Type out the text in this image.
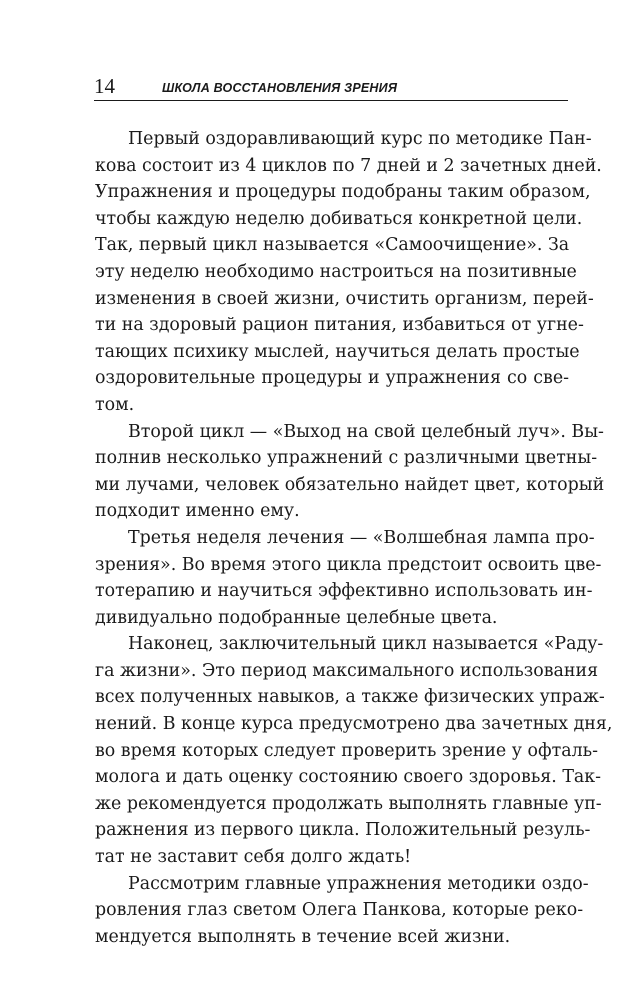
14	ШКОЛА ВОССТАНОВЛЕНИЯ ЗРЕНИЯ
Первый оздоравливающий курс по методике Пан-
кова состоит из 4 циклов по 7 дней и 2 зачетных дней.
Упражнения и процедуры подобраны таким образом,
чтобы каждую неделю добиваться конкретной цели.
Так, первый цикл называется «Самоочищение». За
эту неделю необходимо настроиться на позитивные
изменения в своей жизни, очистить организм, перей-
ти на здоровый рацион питания, избавиться от угне-
тающих психику мыслей, научиться делать простые
оздоровительные процедуры и упражнения со све-
том.
Второй цикл — «Выход на свой целебный луч». Вы-
полнив несколько упражнений с различными цветны-
ми лучами, человек обязательно найдет цвет, который
подходит именно ему.
Третья неделя лечения — «Волшебная лампа про-
зрения». Во время этого цикла предстоит освоить цве-
тотерапию и научиться эффективно использовать ин-
дивидуально подобранные целебные цвета.
Наконец, заключительный цикл называется «Раду-
га жизни». Это период максимального использования
всех полученных навыков, а также физических упраж-
нений. В конце курса предусмотрено два зачетных дня,
во время которых следует проверить зрение у офталь-
молога и дать оценку состоянию своего здоровья. Так-
же рекомендуется продолжать выполнять главные уп-
ражнения из первого цикла. Положительный резуль-
тат не заставит себя долго ждать!
Рассмотрим главные упражнения методики оздо-
ровления глаз светом Олега Панкова, которые реко-
мендуется выполнять в течение всей жизни.
